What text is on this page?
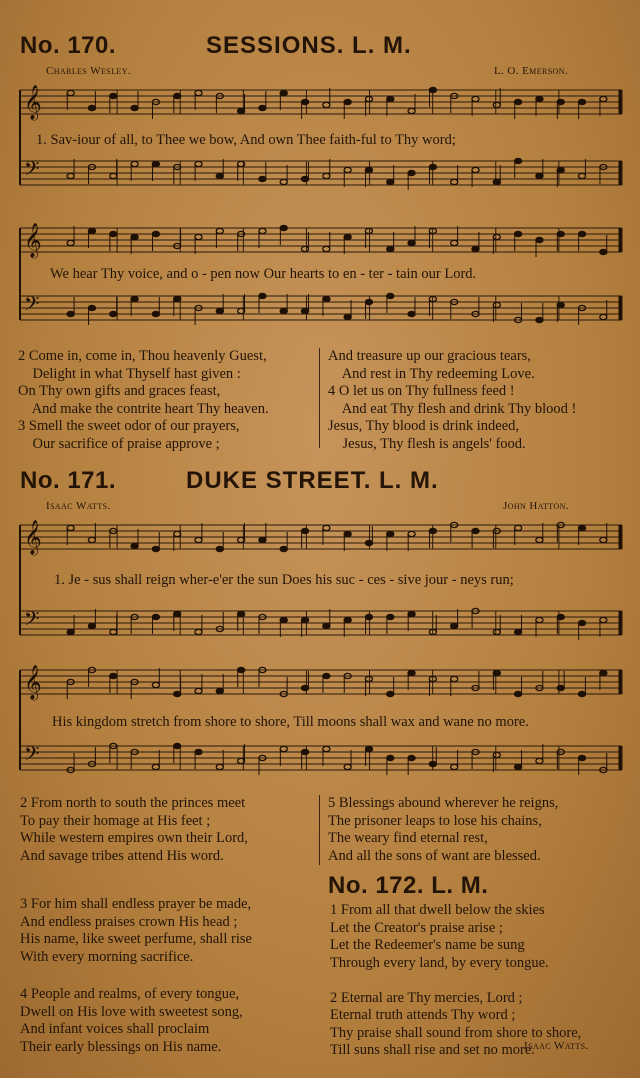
No. 170.	SESSIONS. L. M.
Charles Wesley.	L. O. Emerson.
𝄞
𝄢
1. Sav-iour of all, to Thee we bow, And own Thee faith-ful to Thy word;
𝄞
𝄢
We hear Thy voice, and o - pen now Our hearts to en - ter - tain our Lord.
2 Come in, come in, Thou heavenly Guest,
Delight in what Thyself hast given :
On Thy own gifts and graces feast,
And make the contrite heart Thy heaven.
3 Smell the sweet odor of our prayers,
Our sacrifice of praise approve ;
And treasure up our gracious tears,
And rest in Thy redeeming Love.
4 O let us on Thy fullness feed !
And eat Thy flesh and drink Thy blood !
Jesus, Thy blood is drink indeed,
Jesus, Thy flesh is angels' food.
No. 171.	DUKE STREET. L. M.
Isaac Watts.	John Hatton.
𝄞
𝄢
1. Je - sus shall reign wher-e'er the sun Does his suc - ces - sive jour - neys run;
𝄞
𝄢
His kingdom stretch from shore to shore, Till moons shall wax and wane no more.
2 From north to south the princes meet
To pay their homage at His feet ;
While western empires own their Lord,
And savage tribes attend His word.
3 For him shall endless prayer be made,
And endless praises crown His head ;
His name, like sweet perfume, shall rise
With every morning sacrifice.
4 People and realms, of every tongue,
Dwell on His love with sweetest song,
And infant voices shall proclaim
Their early blessings on His name.
5 Blessings abound wherever he reigns,
The prisoner leaps to lose his chains,
The weary find eternal rest,
And all the sons of want are blessed.
No. 172. L. M.
1 From all that dwell below the skies
Let the Creator's praise arise ;
Let the Redeemer's name be sung
Through every land, by every tongue.

2 Eternal are Thy mercies, Lord ;
Eternal truth attends Thy word ;
Thy praise shall sound from shore to shore,
Till suns shall rise and set no more.
Isaac Watts.
